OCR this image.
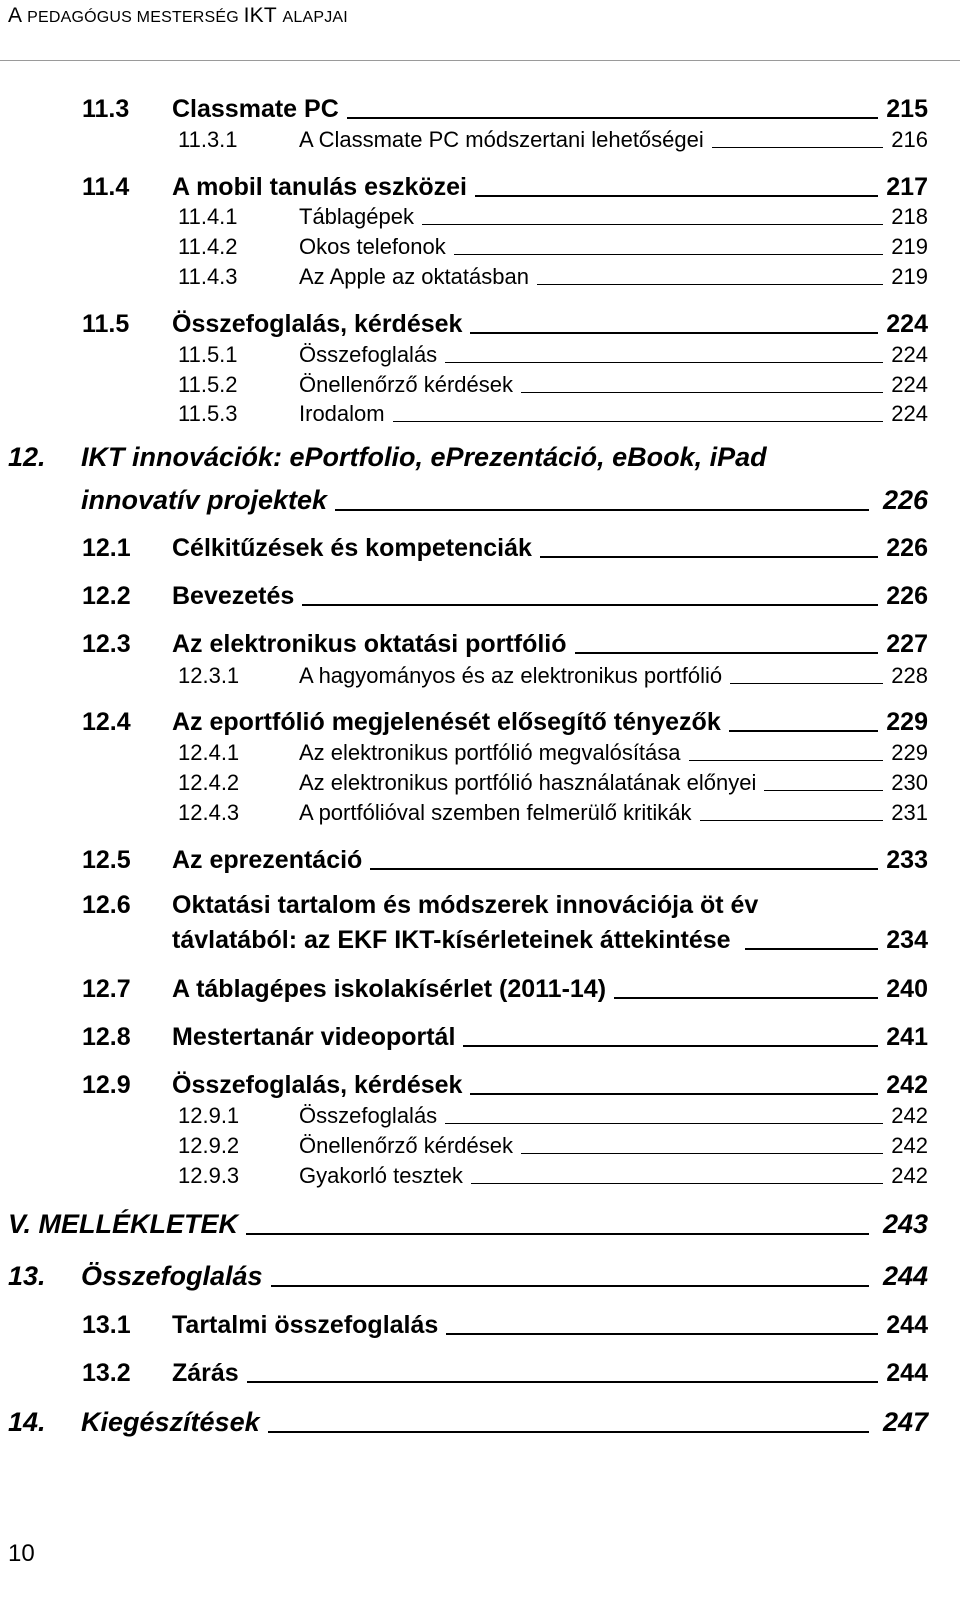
A PEDAGÓGUS MESTERSÉG IKT ALAPJAI
11.3	Classmate PC	215
11.3.1	A Classmate PC módszertani lehetőségei	216
11.4	A mobil tanulás eszközei	217
11.4.1	Táblagépek	218
11.4.2	Okos telefonok	219
11.4.3	Az Apple az oktatásban	219
11.5	Összefoglalás, kérdések	224
11.5.1	Összefoglalás	224
11.5.2	Önellenőrző kérdések	224
11.5.3	Irodalom	224
12. IKT innovációk: ePortfolio, ePrezentáció, eBook, iPad
innovatív projektek	226
12.1	Célkitűzések és kompetenciák	226
12.2	Bevezetés	226
12.3	Az elektronikus oktatási portfólió	227
12.3.1	A hagyományos és az elektronikus portfólió	228
12.4	Az eportfólió megjelenését elősegítő tényezők	229
12.4.1	Az elektronikus portfólió megvalósítása	229
12.4.2	Az elektronikus portfólió használatának előnyei	230
12.4.3	A portfólióval szemben felmerülő kritikák	231
12.5	Az eprezentáció	233
12.6 Oktatási tartalom és módszerek innovációja öt év
távlatából: az EKF IKT-kísérleteinek áttekintése	234
12.7	A táblagépes iskolakísérlet (2011-14)	240
12.8	Mestertanár videoportál	241
12.9	Összefoglalás, kérdések	242
12.9.1	Összefoglalás	242
12.9.2	Önellenőrző kérdések	242
12.9.3	Gyakorló tesztek	242
V. MELLÉKLETEK	243
13.	Összefoglalás	244
13.1	Tartalmi összefoglalás	244
13.2	Zárás	244
14.	Kiegészítések	247
10
